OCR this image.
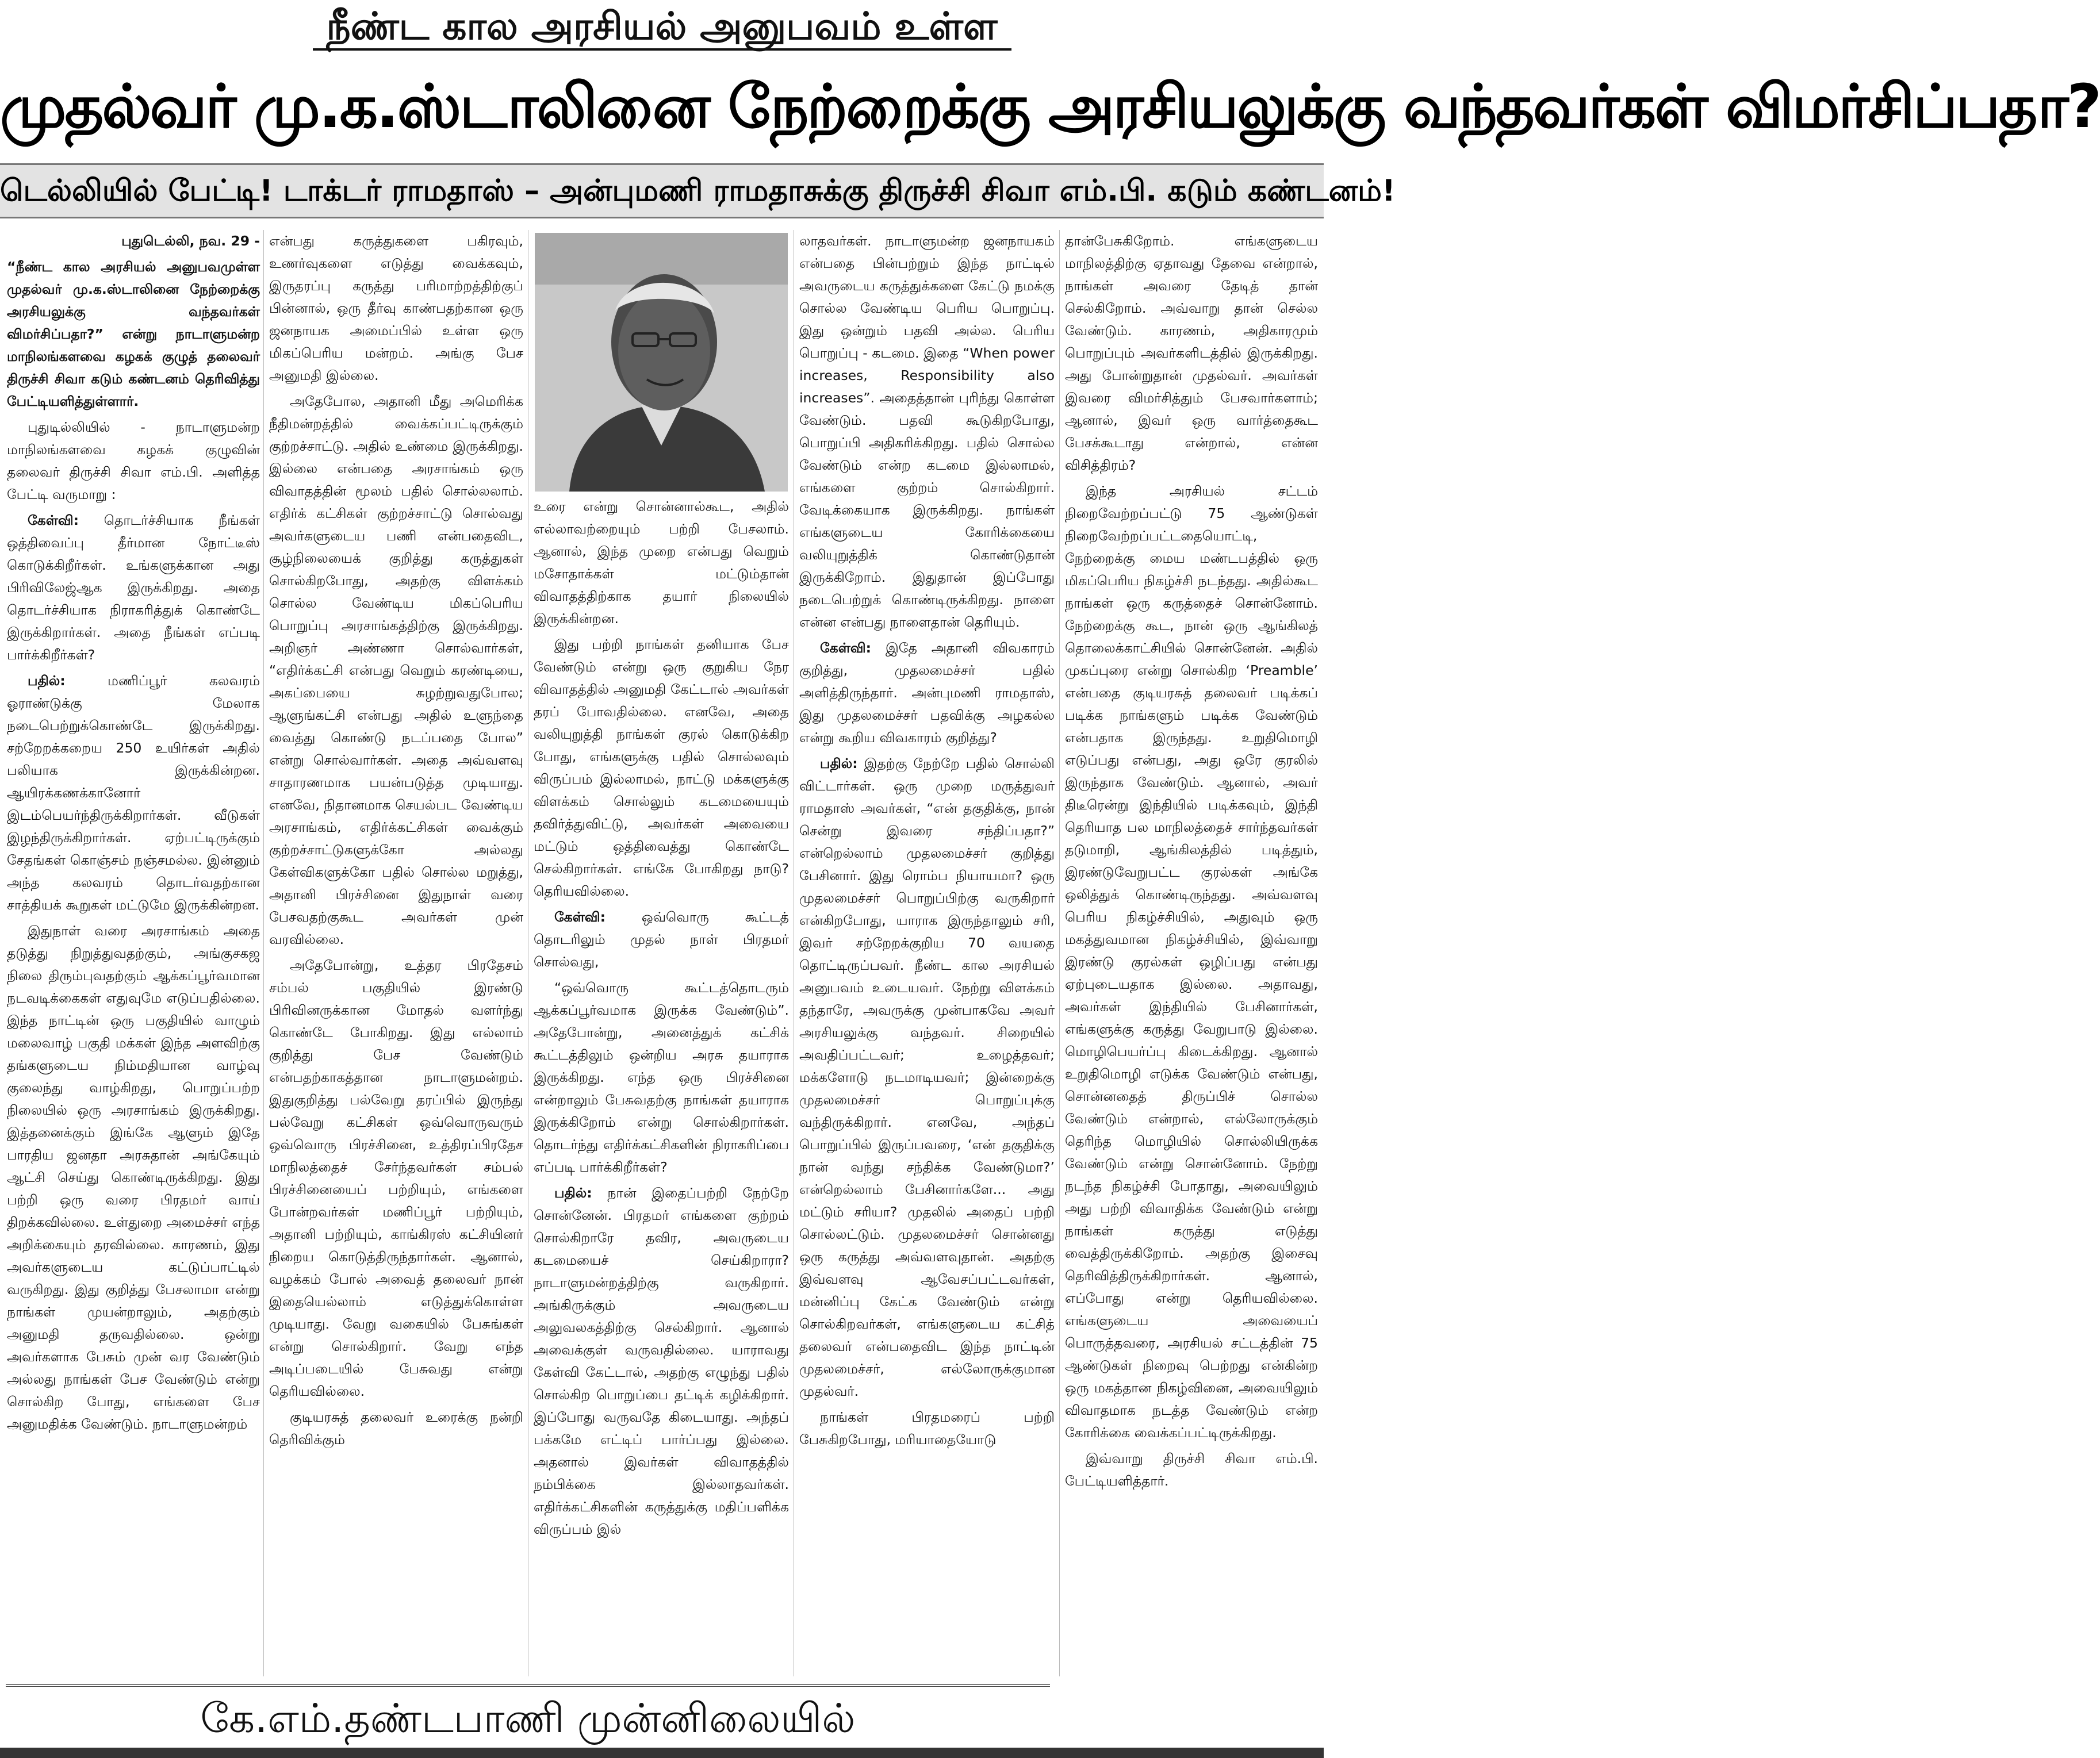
நீண்ட கால அரசியல் அனுபவம் உள்ள
முதல்வர் மு.க.ஸ்டாலினை நேற்றைக்கு அரசியலுக்கு வந்தவர்கள் விமர்சிப்பதா?
டெல்லியில் பேட்டி! டாக்டர் ராமதாஸ் – அன்புமணி ராமதாசுக்கு திருச்சி சிவா எம்.பி. கடும் கண்டனம்!

புதுடெல்லி, நவ. 29 -

“நீண்ட கால அரசியல் அனுபவமுள்ள முதல்வர் மு.க.ஸ்டாலினை நேற்றைக்கு அரசியலுக்கு வந்தவர்கள் விமர்சிப்பதா?” என்று நாடாளுமன்ற மாநிலங்களவை கழகக் குழுத் தலைவர் திருச்சி சிவா கடும் கண்டனம் தெரிவித்து பேட்டியளித்துள்ளார்.

புதுடில்லியில் - நாடாளுமன்ற மாநிலங்களவை கழகக் குழுவின் தலைவர் திருச்சி சிவா எம்.பி. அளித்த பேட்டி வருமாறு :

கேள்வி: தொடர்ச்சியாக நீங்கள் ஒத்திவைப்பு தீர்மான நோட்டீஸ் கொடுக்கிறீர்கள். உங்களுக்கான அது பிரிவிலேஜ்ஆக இருக்கிறது. அதை தொடர்ச்சியாக நிராகரித்துக் கொண்டே இருக்கிறார்கள். அதை நீங்கள் எப்படி பார்க்கிறீர்கள்?

பதில்:	மணிப்பூர் கலவரம் ஓராண்டுக்கு மேலாக நடைபெற்றுக்கொண்டே இருக்கிறது. சற்றேறக்கறைய 250 உயிர்கள் அதில் பலியாக இருக்கின்றன. ஆயிரக்கணக்கானோர் இடம்பெயர்ந்திருக்கிறார்கள். வீடுகள் இழந்திருக்கிறார்கள். ஏற்பட்டிருக்கும் சேதங்கள் கொஞ்சம் நஞ்சமல்ல. இன்னும் அந்த கலவரம் தொடர்வதற்கான சாத்தியக் கூறுகள் மட்டுமே இருக்கின்றன.

இதுநாள் வரை அரசாங்கம் அதை தடுத்து நிறுத்துவதற்கும், அங்குசகஜ நிலை திரும்புவதற்கும் ஆக்கப்பூர்வமான நடவடிக்கைகள் எதுவுமே எடுப்பதில்லை. இந்த நாட்டின் ஒரு பகுதியில் வாழும் மலைவாழ் பகுதி மக்கள் இந்த அளவிற்கு தங்களுடைய நிம்மதியான வாழ்வு குலைந்து வாழ்கிறது, பொறுப்பற்ற நிலையில் ஒரு அரசாங்கம் இருக்கிறது. இத்தனைக்கும் இங்கே ஆளும் இதே பாரதிய ஜனதா அரசுதான் அங்கேயும் ஆட்சி செய்து கொண்டிருக்கிறது. இது பற்றி ஒரு வரை பிரதமர் வாய் திறக்கவில்லை. உள்துறை அமைச்சர் எந்த அறிக்கையும் தரவில்லை. காரணம், இது அவர்களுடைய கட்டுப்பாட்டில் வருகிறது. இது குறித்து பேசலாமா என்று நாங்கள் முயன்றாலும், அதற்கும் அனுமதி தருவதில்லை. ஒன்று அவர்களாக பேசும் முன் வர வேண்டும் அல்லது நாங்கள் பேச வேண்டும் என்று சொல்கிற போது, எங்களை பேச அனுமதிக்க வேண்டும். நாடாளுமன்றம்

என்பது கருத்துகளை பகிரவும், உணர்வுகளை எடுத்து வைக்கவும், இருதரப்பு கருத்து பரிமாற்றத்திற்குப் பின்னால், ஒரு தீர்வு காண்பதற்கான ஒரு ஜனநாயக அமைப்பில் உள்ள ஒரு மிகப்பெரிய மன்றம். அங்கு பேச அனுமதி இல்லை.

அதேபோல, அதானி மீது அமெரிக்க நீதிமன்றத்தில் வைக்கப்பட்டிருக்கும் குற்றச்சாட்டு. அதில் உண்மை இருக்கிறது. இல்லை என்பதை அரசாங்கம் ஒரு விவாதத்தின் மூலம் பதில் சொல்லலாம். எதிர்க் கட்சிகள் குற்றச்சாட்டு சொல்வது அவர்களுடைய பணி என்பதைவிட, சூழ்நிலையைக் குறித்து கருத்துகள் சொல்கிறபோது, அதற்கு விளக்கம் சொல்ல வேண்டிய மிகப்பெரிய பொறுப்பு அரசாங்கத்திற்கு இருக்கிறது. அறிஞர் அண்ணா சொல்வார்கள், “எதிர்க்கட்சி என்பது வெறும் கரண்டியை, அகப்பையை சுழற்றுவதுபோல; ஆளுங்கட்சி என்பது அதில் உளுந்தை வைத்து கொண்டு நடப்பதை போல” என்று சொல்வார்கள். அதை அவ்வளவு சாதாரணமாக பயன்படுத்த முடியாது. எனவே, நிதானமாக செயல்பட வேண்டிய அரசாங்கம், எதிர்க்கட்சிகள் வைக்கும் குற்றச்சாட்டுகளுக்கோ அல்லது கேள்விகளுக்கோ பதில் சொல்ல மறுத்து, அதானி பிரச்சினை இதுநாள் வரை பேசவதற்குகூட அவர்கள் முன் வரவில்லை.

அதேபோன்று, உத்தர பிரதேசம் சம்பல் பகுதியில் இரண்டு பிரிவினருக்கான மோதல் வளர்ந்து கொண்டே போகிறது. இது எல்லாம் குறித்து பேச வேண்டும் என்பதற்காகத்தான நாடாளுமன்றம். இதுகுறித்து பல்வேறு தரப்பில் இருந்து பல்வேறு கட்சிகள் ஒவ்வொருவரும் ஒவ்வொரு பிரச்சினை, உத்திரப்பிரதேச மாநிலத்தைச் சேர்ந்தவர்கள் சம்பல் பிரச்சினையைப் பற்றியும், எங்களை போன்றவர்கள் மணிப்பூர் பற்றியும், அதானி பற்றியும், காங்கிரஸ் கட்சியினர் நிறைய கொடுத்திருந்தார்கள். ஆனால், வழக்கம் போல் அவைத் தலைவர் நான் இதையெல்லாம் எடுத்துக்கொள்ள முடியாது. வேறு வகையில் பேசுங்கள் என்று சொல்கிறார். வேறு எந்த அடிப்படையில் பேசுவது என்று தெரியவில்லை.

குடியரசுத் தலைவர் உரைக்கு நன்றி தெரிவிக்கும்

உரை என்று சொன்னால்கூட, அதில் எல்லாவற்றையும் பற்றி பேசலாம். ஆனால், இந்த முறை என்பது வெறும் மசோதாக்கள் மட்டும்தான் விவாதத்திற்காக தயார் நிலையில் இருக்கின்றன.

இது பற்றி நாங்கள் தனியாக பேச வேண்டும் என்று ஒரு குறுகிய நேர விவாதத்தில் அனுமதி கேட்டால் அவர்கள் தரப் போவதில்லை. எனவே, அதை வலியுறுத்தி நாங்கள் குரல் கொடுக்கிற போது, எங்களுக்கு பதில் சொல்லவும் விருப்பம் இல்லாமல், நாட்டு மக்களுக்கு விளக்கம் சொல்லும் கடமையையும் தவிர்த்துவிட்டு, அவர்கள் அவையை மட்டும் ஒத்திவைத்து கொண்டே செல்கிறார்கள். எங்கே போகிறது நாடு? தெரியவில்லை.

கேள்வி:	ஒவ்வொரு கூட்டத் தொடரிலும் முதல் நாள் பிரதமர் சொல்வது,

“ஒவ்வொரு கூட்டத்தொடரும் ஆக்கப்பூர்வமாக இருக்க வேண்டும்”. அதேபோன்று, அனைத்துக் கட்சிக் கூட்டத்திலும் ஒன்றிய அரசு தயாராக இருக்கிறது. எந்த ஒரு பிரச்சினை என்றாலும் பேசுவதற்கு நாங்கள் தயாராக இருக்கிறோம் என்று சொல்கிறார்கள். தொடர்ந்து எதிர்க்கட்சிகளின் நிராகரிப்பை எப்படி பார்க்கிறீர்கள்?

பதில்: நான் இதைப்பற்றி நேற்றே சொன்னேன். பிரதமர் எங்களை குற்றம் சொல்கிறாரே தவிர, அவருடைய கடமையைச் செய்கிறாரா? நாடாளுமன்றத்திற்கு வருகிறார். அங்கிருக்கும் அவருடைய அலுவலகத்திற்கு செல்கிறார். ஆனால் அவைக்குள் வருவதில்லை. யாராவது கேள்வி கேட்டால், அதற்கு எழுந்து பதில் சொல்கிற பொறுப்பை தட்டிக் கழிக்கிறார். இப்போது வருவதே கிடையாது. அந்தப் பக்கமே எட்டிப் பார்ப்பது இல்லை. அதனால் இவர்கள் விவாதத்தில் நம்பிக்கை இல்லாதவர்கள். எதிர்க்கட்சிகளின் கருத்துக்கு மதிப்பளிக்க விருப்பம் இல்

லாதவர்கள். நாடாளுமன்ற ஜனநாயகம் என்பதை பின்பற்றும் இந்த நாட்டில் அவருடைய கருத்துக்களை கேட்டு நமக்கு சொல்ல வேண்டிய பெரிய பொறுப்பு. இது ஒன்றும் பதவி அல்ல. பெரிய பொறுப்பு - கடமை. இதை “When power increases, Responsibility also increases”. அதைத்தான் புரிந்து கொள்ள வேண்டும். பதவி கூடுகிறபோது, பொறுப்பி அதிகரிக்கிறது. பதில் சொல்ல வேண்டும் என்ற கடமை இல்லாமல், எங்களை குற்றம் சொல்கிறார். வேடிக்கையாக இருக்கிறது. நாங்கள் எங்களுடைய கோரிக்கையை வலியுறுத்திக் கொண்டுதான் இருக்கிறோம். இதுதான் இப்போது நடைபெற்றுக் கொண்டிருக்கிறது. நாளை என்ன என்பது நாளைதான் தெரியும்.

கேள்வி: இதே அதானி விவகாரம் குறித்து, முதலமைச்சர் பதில் அளித்திருந்தார். அன்புமணி ராமதாஸ், இது முதலமைச்சர் பதவிக்கு அழகல்ல என்று கூறிய விவகாரம் குறித்து?

பதில்: இதற்கு நேற்றே பதில் சொல்லி விட்டார்கள். ஒரு முறை மருத்துவர் ராமதாஸ் அவர்கள், “என் தகுதிக்கு, நான் சென்று இவரை சந்திப்பதா?” என்றெல்லாம் முதலமைச்சர் குறித்து பேசினார். இது ரொம்ப நியாயமா? ஒரு முதலமைச்சர் பொறுப்பிற்கு வருகிறார் என்கிறபோது, யாராக இருந்தாலும் சரி, இவர் சற்றேறக்குறிய 70 வயதை தொட்டிருப்பவர். நீண்ட கால அரசியல் அனுபவம் உடையவர். நேற்று விளக்கம் தந்தாரே, அவருக்கு முன்பாகவே அவர் அரசியலுக்கு வந்தவர். சிறையில் அவதிப்பட்டவர்; உழைத்தவர்; மக்களோடு நடமாடியவர்; இன்றைக்கு முதலமைச்சர் பொறுப்புக்கு வந்திருக்கிறார். எனவே, அந்தப் பொறுப்பில் இருப்பவரை, ‘என் தகுதிக்கு நான் வந்து சந்திக்க வேண்டுமா?’ என்றெல்லாம் பேசினார்களே... அது மட்டும் சரியா? முதலில் அதைப் பற்றி சொல்லட்டும். முதலமைச்சர் சொன்னது ஒரு கருத்து அவ்வளவுதான். அதற்கு இவ்வளவு ஆவேசப்பட்டவர்கள், மன்னிப்பு கேட்க வேண்டும் என்று சொல்கிறவர்கள், எங்களுடைய கட்சித் தலைவர் என்பதைவிட இந்த நாட்டின் முதலமைச்சர், எல்லோருக்குமான முதல்வர்.

நாங்கள் பிரதமரைப் பற்றி பேசுகிறபோது, மரியாதையோடு

தான்பேசுகிறோம். எங்களுடைய மாநிலத்திற்கு ஏதாவது தேவை என்றால், நாங்கள் அவரை தேடித் தான் செல்கிறோம். அவ்வாறு தான் செல்ல வேண்டும். காரணம், அதிகாரமும் பொறுப்பும் அவர்களிடத்தில் இருக்கிறது. அது போன்றுதான் முதல்வர். அவர்கள் இவரை விமர்சித்தும் பேசவார்களாம்; ஆனால், இவர் ஒரு வார்த்தைகூட பேசக்கூடாது என்றால், என்ன விசித்திரம்?

இந்த அரசியல் சட்டம் நிறைவேற்றப்பட்டு 75 ஆண்டுகள் நிறைவேற்றப்பட்டதையொட்டி, நேற்றைக்கு மைய மண்டபத்தில் ஒரு மிகப்பெரிய நிகழ்ச்சி நடந்தது. அதில்கூட நாங்கள் ஒரு கருத்தைச் சொன்னோம். நேற்றைக்கு கூட, நான் ஒரு ஆங்கிலத் தொலைக்காட்சியில் சொன்னேன். அதில் முகப்புரை என்று சொல்கிற ‘Preamble’ என்பதை குடியரசுத் தலைவர் படிக்கப் படிக்க நாங்களும் படிக்க வேண்டும் என்பதாக இருந்தது. உறுதிமொழி எடுப்பது என்பது, அது ஒரே குரலில் இருந்தாக வேண்டும். ஆனால், அவர் திடீரென்று இந்தியில் படிக்கவும், இந்தி தெரியாத பல மாநிலத்தைச் சார்ந்தவர்கள் தடுமாறி, ஆங்கிலத்தில் படித்தும், இரண்டுவேறுபட்ட குரல்கள் அங்கே ஒலித்துக் கொண்டிருந்தது. அவ்வளவு பெரிய நிகழ்ச்சியில், அதுவும் ஒரு மகத்துவமான நிகழ்ச்சியில், இவ்வாறு இரண்டு குரல்கள் ஒழிப்பது என்பது ஏற்புடையதாக இல்லை. அதாவது, அவர்கள் இந்தியில் பேசினார்கள், எங்களுக்கு கருத்து வேறுபாடு இல்லை. மொழிபெயர்ப்பு கிடைக்கிறது. ஆனால் உறுதிமொழி எடுக்க வேண்டும் என்பது, சொன்னதைத் திருப்பிச் சொல்ல வேண்டும் என்றால், எல்லோருக்கும் தெரிந்த மொழியில் சொல்லியிருக்க வேண்டும் என்று சொன்னோம். நேற்று நடந்த நிகழ்ச்சி போதாது, அவையிலும் அது பற்றி விவாதிக்க வேண்டும் என்று நாங்கள் கருத்து எடுத்து வைத்திருக்கிறோம். அதற்கு இசைவு தெரிவித்திருக்கிறார்கள். ஆனால், எப்போது என்று தெரியவில்லை. எங்களுடைய அவையைப் பொருத்தவரை, அரசியல் சட்டத்தின் 75 ஆண்டுகள் நிறைவு பெற்றது என்கின்ற ஒரு மகத்தான நிகழ்வினை, அவையிலும் விவாதமாக நடத்த வேண்டும் என்ற கோரிக்கை வைக்கப்பட்டிருக்கிறது.

இவ்வாறு திருச்சி சிவா எம்.பி. பேட்டியளித்தார்.

கே.எம்.தண்டபாணி முன்னிலையில்
